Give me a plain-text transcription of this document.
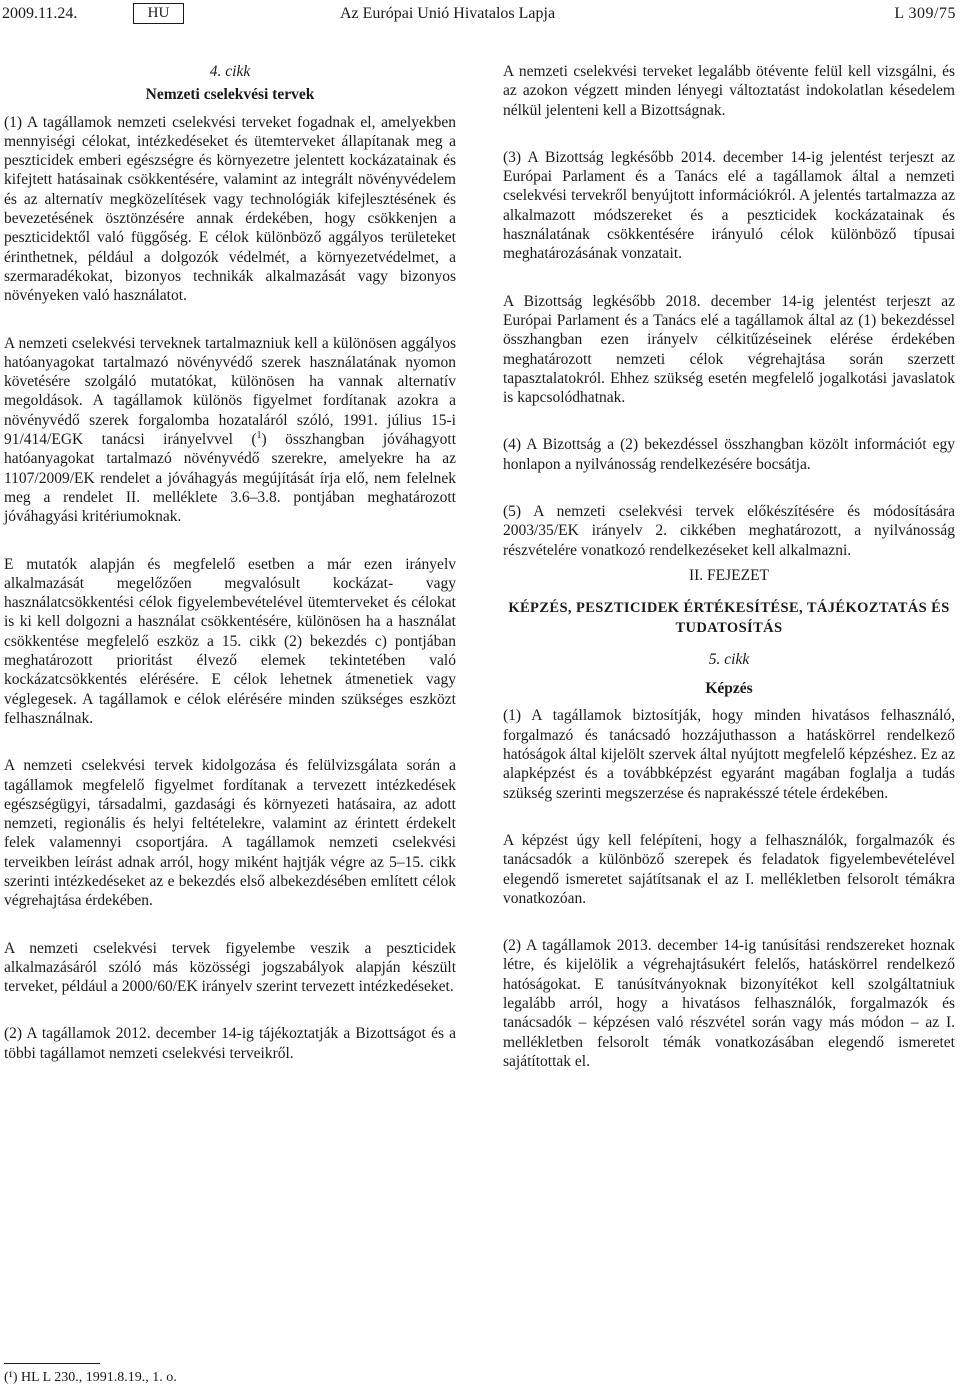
2009.11.24.	HU	Az Európai Unió Hivatalos Lapja	L 309/75

4. cikk

Nemzeti cselekvési tervek

(1) A tagállamok nemzeti cselekvési terveket fogadnak el, amelyekben mennyiségi célokat, intézkedéseket és ütemterveket állapítanak meg a peszticidek emberi egészségre és környezetre jelentett kockázatainak és kifejtett hatásainak csökkentésére, valamint az integrált növényvédelem és az alternatív megközelítések vagy technológiák kifejlesztésének és bevezetésének ösztönzésére annak érdekében, hogy csökkenjen a peszticidektől való függőség. E célok különböző aggályos területeket érinthetnek, például a dolgozók védelmét, a környezetvédelmet, a szermaradékokat, bizonyos technikák alkalmazását vagy bizonyos növényeken való használatot.

A nemzeti cselekvési terveknek tartalmazniuk kell a különösen aggályos hatóanyagokat tartalmazó növényvédő szerek használatának nyomon követésére szolgáló mutatókat, különösen ha vannak alternatív megoldások. A tagállamok különös figyelmet fordítanak azokra a növényvédő szerek forgalomba hozataláról szóló, 1991. július 15-i 91/414/EGK tanácsi irányelvvel ($^1$) összhangban jóváhagyott hatóanyagokat tartalmazó növényvédő szerekre, amelyekre ha az 1107/2009/EK rendelet a jóváhagyás megújítását írja elő, nem felelnek meg a rendelet II. melléklete 3.6–3.8. pontjában meghatározott jóváhagyási kritériumoknak.

E mutatók alapján és megfelelő esetben a már ezen irányelv alkalmazását megelőzően megvalósult kockázat- vagy használatcsökkentési célok figyelembevételével ütemterveket és célokat is ki kell dolgozni a használat csökkentésére, különösen ha a használat csökkentése megfelelő eszköz a 15. cikk (2) bekezdés c) pontjában meghatározott prioritást élvező elemek tekintetében való kockázatcsökkentés elérésére. E célok lehetnek átmenetiek vagy véglegesek. A tagállamok e célok elérésére minden szükséges eszközt felhasználnak.

A nemzeti cselekvési tervek kidolgozása és felülvizsgálata során a tagállamok megfelelő figyelmet fordítanak a tervezett intézkedések egészségügyi, társadalmi, gazdasági és környezeti hatásaira, az adott nemzeti, regionális és helyi feltételekre, valamint az érintett érdekelt felek valamennyi csoportjára. A tagállamok nemzeti cselekvési terveikben leírást adnak arról, hogy miként hajtják végre az 5–15. cikk szerinti intézkedéseket az e bekezdés első albekezdésében említett célok végrehajtása érdekében.

A nemzeti cselekvési tervek figyelembe veszik a peszticidek alkalmazásáról szóló más közösségi jogszabályok alapján készült terveket, például a 2000/60/EK irányelv szerint tervezett intézkedéseket.

(2) A tagállamok 2012. december 14-ig tájékoztatják a Bizottságot és a többi tagállamot nemzeti cselekvési terveikről.

A nemzeti cselekvési terveket legalább ötévente felül kell vizsgálni, és az azokon végzett minden lényegi változtatást indokolatlan késedelem nélkül jelenteni kell a Bizottságnak.

(3) A Bizottság legkésőbb 2014. december 14-ig jelentést terjeszt az Európai Parlament és a Tanács elé a tagállamok által a nemzeti cselekvési tervekről benyújtott információkról. A jelentés tartalmazza az alkalmazott módszereket és a peszticidek kockázatainak és használatának csökkentésére irányuló célok különböző típusai meghatározásának vonzatait.

A Bizottság legkésőbb 2018. december 14-ig jelentést terjeszt az Európai Parlament és a Tanács elé a tagállamok által az (1) bekezdéssel összhangban ezen irányelv célkitűzéseinek elérése érdekében meghatározott nemzeti célok végrehajtása során szerzett tapasztalatokról. Ehhez szükség esetén megfelelő jogalkotási javaslatok is kapcsolódhatnak.

(4) A Bizottság a (2) bekezdéssel összhangban közölt információt egy honlapon a nyilvánosság rendelkezésére bocsátja.

(5) A nemzeti cselekvési tervek előkészítésére és módosítására 2003/35/EK irányelv 2. cikkében meghatározott, a nyilvánosság részvételére vonatkozó rendelkezéseket kell alkalmazni.

II. FEJEZET

KÉPZÉS, PESZTICIDEK ÉRTÉKESÍTÉSE, TÁJÉKOZTATÁS ÉS TUDATOSÍTÁS

5. cikk

Képzés

(1) A tagállamok biztosítják, hogy minden hivatásos felhasználó, forgalmazó és tanácsadó hozzájuthasson a hatáskörrel rendelkező hatóságok által kijelölt szervek által nyújtott megfelelő képzéshez. Ez az alapképzést és a továbbképzést egyaránt magában foglalja a tudás szükség szerinti megszerzése és naprakésszé tétele érdekében.

A képzést úgy kell felépíteni, hogy a felhasználók, forgalmazók és tanácsadók a különböző szerepek és feladatok figyelembevételével elegendő ismeretet sajátítsanak el az I. mellékletben felsorolt témákra vonatkozóan.

(2) A tagállamok 2013. december 14-ig tanúsítási rendszereket hoznak létre, és kijelölik a végrehajtásukért felelős, hatáskörrel rendelkező hatóságokat. E tanúsítványoknak bizonyítékot kell szolgáltatniuk legalább arról, hogy a hivatásos felhasználók, forgalmazók és tanácsadók – képzésen való részvétel során vagy más módon – az I. mellékletben felsorolt témák vonatkozásában elegendő ismeretet sajátítottak el.

(¹) HL L 230., 1991.8.19., 1. o.
